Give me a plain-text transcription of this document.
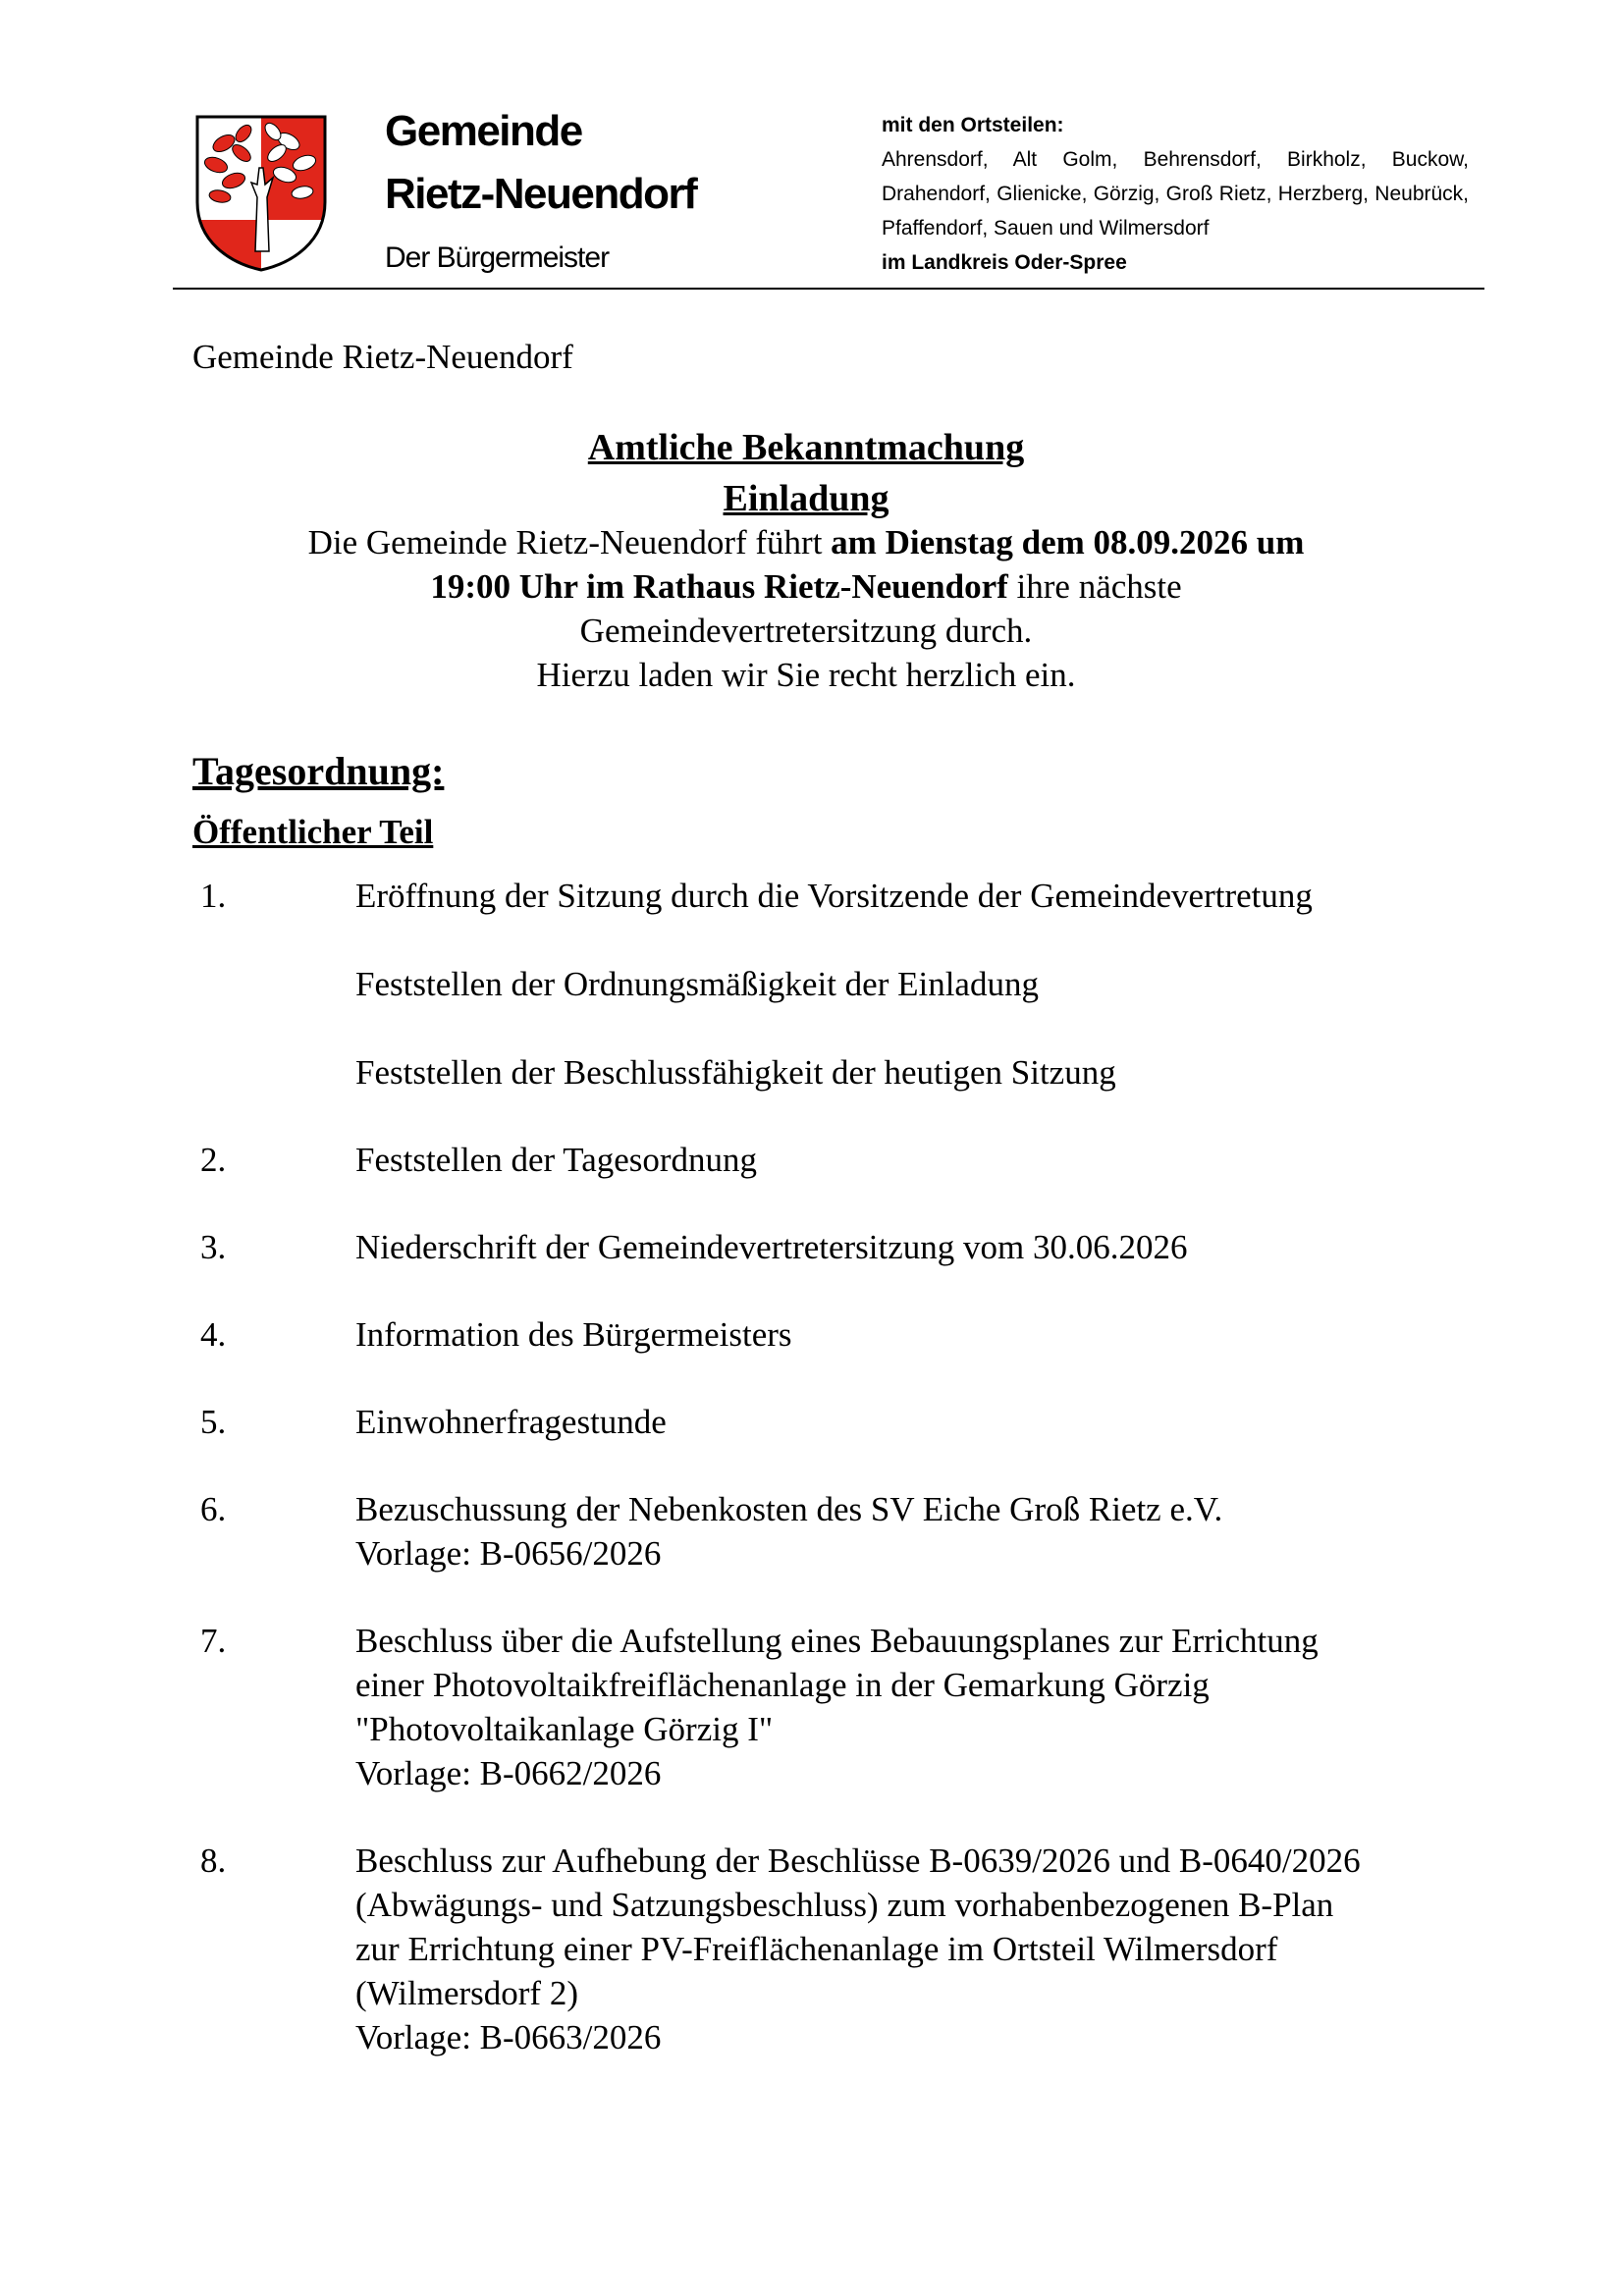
Gemeinde
Rietz-Neuendorf
Der Bürgermeister
mit den Ortsteilen:
Ahrensdorf, Alt Golm, Behrensdorf, Birkholz, Buckow, Drahendorf, Glienicke, Görzig, Groß Rietz, Herzberg, Neubrück, Pfaffendorf, Sauen und Wilmersdorf
im Landkreis Oder-Spree
Gemeinde Rietz-Neuendorf
Amtliche Bekanntmachung
Einladung
Die Gemeinde Rietz-Neuendorf führt am Dienstag dem 08.09.2026 um
19:00 Uhr im Rathaus Rietz-Neuendorf ihre nächste
Gemeindevertretersitzung durch.
Hierzu laden wir Sie recht herzlich ein.
Tagesordnung:
Öffentlicher Teil
1.	Eröffnung der Sitzung durch die Vorsitzende der Gemeindevertretung
Feststellen der Ordnungsmäßigkeit der Einladung
Feststellen der Beschlussfähigkeit der heutigen Sitzung
2.	Feststellen der Tagesordnung
3.	Niederschrift der Gemeindevertretersitzung vom 30.06.2026
4.	Information des Bürgermeisters
5.	Einwohnerfragestunde
6.	Bezuschussung der Nebenkosten des SV Eiche Groß Rietz e.V.
Vorlage: B-0656/2026
7.	Beschluss über die Aufstellung eines Bebauungsplanes zur Errichtung einer Photovoltaikfreiflächenanlage in der Gemarkung Görzig "Photovoltaikanlage Görzig I"
Vorlage: B-0662/2026
8.	Beschluss zur Aufhebung der Beschlüsse B-0639/2026 und B-0640/2026 (Abwägungs- und Satzungsbeschluss) zum vorhabenbezogenen B-Plan zur Errichtung einer PV-Freiflächenanlage im Ortsteil Wilmersdorf (Wilmersdorf 2)
Vorlage: B-0663/2026
